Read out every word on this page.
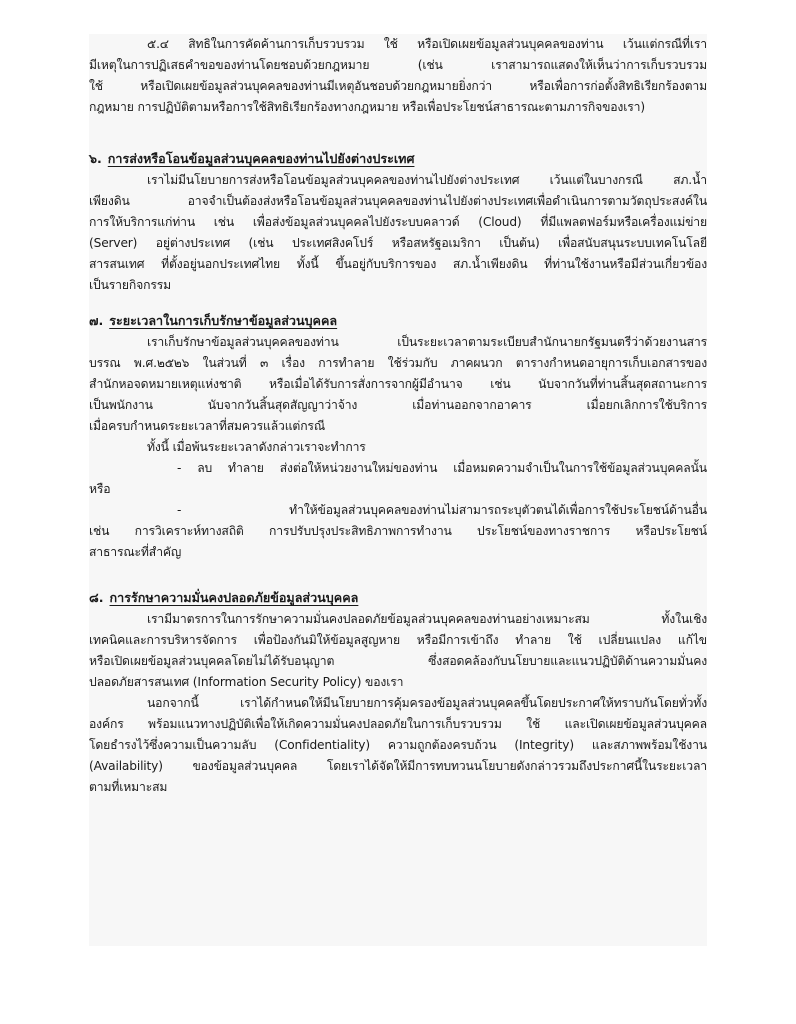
๕.๔ สิทธิในการคัดค้านการเก็บรวบรวม ใช้ หรือเปิดเผยข้อมูลส่วนบุคคลของท่าน เว้นแต่กรณีที่เรา
มีเหตุในการปฏิเสธคำขอของท่านโดยชอบด้วยกฎหมาย (เช่น เราสามารถแสดงให้เห็นว่าการเก็บรวบรวม
ใช้ หรือเปิดเผยข้อมูลส่วนบุคคลของท่านมีเหตุอันชอบด้วยกฎหมายยิ่งกว่า หรือเพื่อการก่อตั้งสิทธิเรียกร้องตาม
กฎหมาย การปฏิบัติตามหรือการใช้สิทธิเรียกร้องทางกฎหมาย หรือเพื่อประโยชน์สาธารณะตามภารกิจของเรา)
๖. การส่งหรือโอนข้อมูลส่วนบุคคลของท่านไปยังต่างประเทศ
เราไม่มีนโยบายการส่งหรือโอนข้อมูลส่วนบุคคลของท่านไปยังต่างประเทศ เว้นแต่ในบางกรณี สภ.น้ำ
เพียงดิน อาจจำเป็นต้องส่งหรือโอนข้อมูลส่วนบุคคลของท่านไปยังต่างประเทศเพื่อดำเนินการตามวัตถุประสงค์ใน
การให้บริการแก่ท่าน เช่น เพื่อส่งข้อมูลส่วนบุคคลไปยังระบบคลาวด์ (Cloud) ที่มีแพลตฟอร์มหรือเครื่องแม่ข่าย
(Server) อยู่ต่างประเทศ (เช่น ประเทศสิงคโปร์ หรือสหรัฐอเมริกา เป็นต้น) เพื่อสนับสนุนระบบเทคโนโลยี
สารสนเทศ ที่ตั้งอยู่นอกประเทศไทย ทั้งนี้ ขึ้นอยู่กับบริการของ สภ.น้ำเพียงดิน ที่ท่านใช้งานหรือมีส่วนเกี่ยวข้อง
เป็นรายกิจกรรม
๗. ระยะเวลาในการเก็บรักษาข้อมูลส่วนบุคคล
เราเก็บรักษาข้อมูลส่วนบุคคลของท่าน เป็นระยะเวลาตามระเบียบสำนักนายกรัฐมนตรีว่าด้วยงานสาร
บรรณ พ.ศ.๒๕๒๖ ในส่วนที่ ๓ เรื่อง การทำลาย ใช้ร่วมกับ ภาคผนวก ตารางกำหนดอายุการเก็บเอกสารของ
สำนักหอจดหมายเหตุแห่งชาติ หรือเมื่อได้รับการสั่งการจากผู้มีอำนาจ เช่น นับจากวันที่ท่านสิ้นสุดสถานะการ
เป็นพนักงาน นับจากวันสิ้นสุดสัญญาว่าจ้าง เมื่อท่านออกจากอาคาร เมื่อยกเลิกการใช้บริการ
เมื่อครบกำหนดระยะเวลาที่สมควรแล้วแต่กรณี
ทั้งนี้ เมื่อพ้นระยะเวลาดังกล่าวเราจะทำการ
- ลบ ทำลาย ส่งต่อให้หน่วยงานใหม่ของท่าน เมื่อหมดความจำเป็นในการใช้ข้อมูลส่วนบุคคลนั้น
หรือ
- ทำให้ข้อมูลส่วนบุคคลของท่านไม่สามารถระบุตัวตนได้เพื่อการใช้ประโยชน์ด้านอื่น
เช่น การวิเคราะห์ทางสถิติ การปรับปรุงประสิทธิภาพการทำงาน ประโยชน์ของทางราชการ หรือประโยชน์
สาธารณะที่สำคัญ
๘. การรักษาความมั่นคงปลอดภัยข้อมูลส่วนบุคคล
เรามีมาตรการในการรักษาความมั่นคงปลอดภัยข้อมูลส่วนบุคคลของท่านอย่างเหมาะสม ทั้งในเชิง
เทคนิคและการบริหารจัดการ เพื่อป้องกันมิให้ข้อมูลสูญหาย หรือมีการเข้าถึง ทำลาย ใช้ เปลี่ยนแปลง แก้ไข
หรือเปิดเผยข้อมูลส่วนบุคคลโดยไม่ได้รับอนุญาต ซึ่งสอดคล้องกับนโยบายและแนวปฏิบัติด้านความมั่นคง
ปลอดภัยสารสนเทศ (Information Security Policy) ของเรา
นอกจากนี้ เราได้กำหนดให้มีนโยบายการคุ้มครองข้อมูลส่วนบุคคลขึ้นโดยประกาศให้ทราบกันโดยทั่วทั้ง
องค์กร พร้อมแนวทางปฏิบัติเพื่อให้เกิดความมั่นคงปลอดภัยในการเก็บรวบรวม ใช้ และเปิดเผยข้อมูลส่วนบุคคล
โดยธำรงไว้ซึ่งความเป็นความลับ (Confidentiality) ความถูกต้องครบถ้วน (Integrity) และสภาพพร้อมใช้งาน
(Availability) ของข้อมูลส่วนบุคคล โดยเราได้จัดให้มีการทบทวนนโยบายดังกล่าวรวมถึงประกาศนี้ในระยะเวลา
ตามที่เหมาะสม
